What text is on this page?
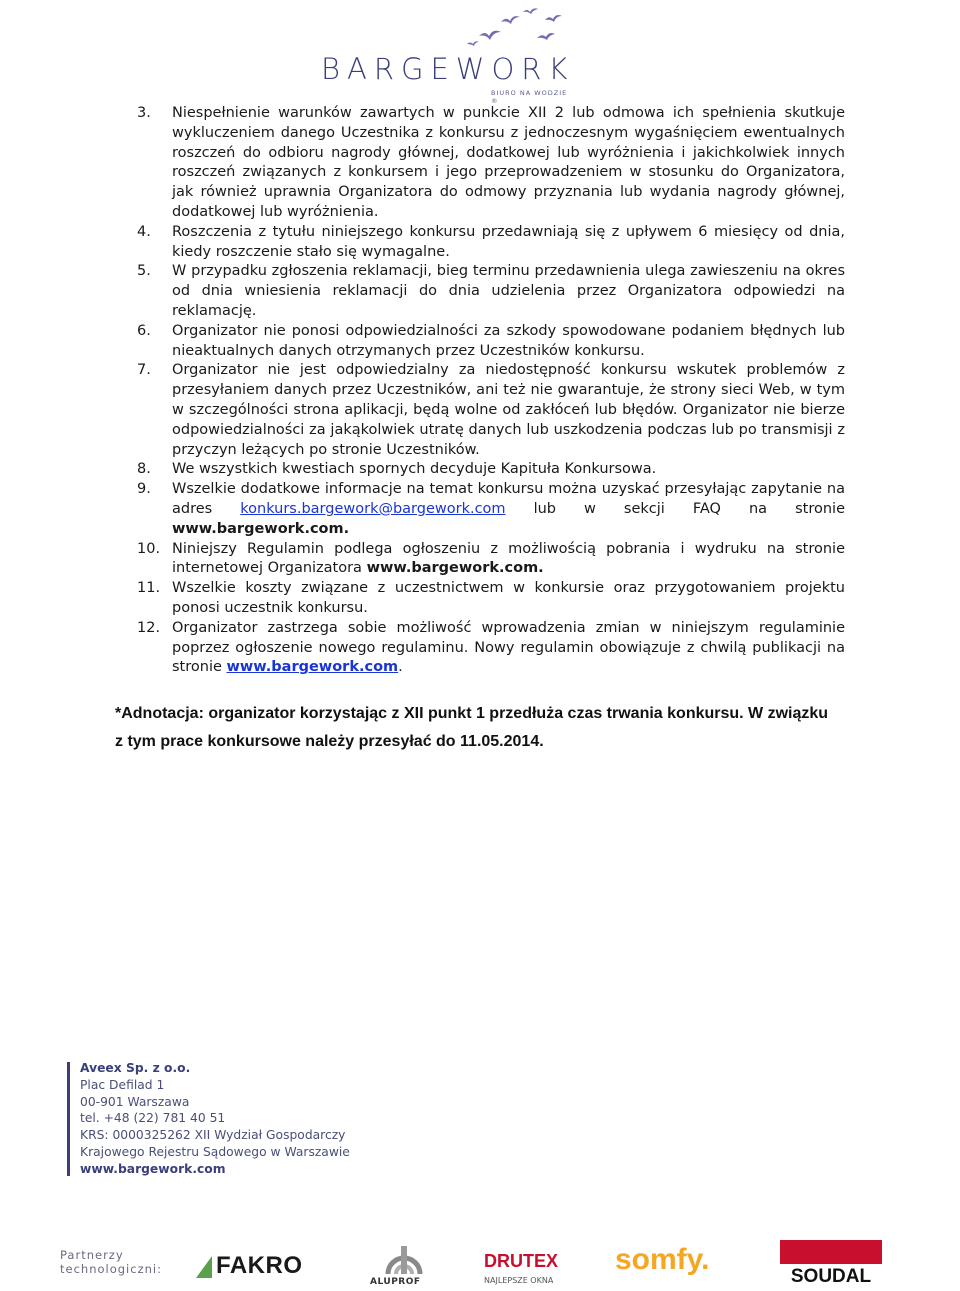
BARGEWORK
BIURO NA WODZIE ®
3. Niespełnienie warunków zawartych w punkcie XII 2 lub odmowa ich spełnienia skutkuje wykluczeniem danego Uczestnika z konkursu z jednoczesnym wygaśnięciem ewentualnych roszczeń do odbioru nagrody głównej, dodatkowej lub wyróżnienia i jakichkolwiek innych roszczeń związanych z konkursem i jego przeprowadzeniem w stosunku do Organizatora, jak również uprawnia Organizatora do odmowy przyznania lub wydania nagrody głównej, dodatkowej lub wyróżnienia.
4. Roszczenia z tytułu niniejszego konkursu przedawniają się z upływem 6 miesięcy od dnia, kiedy roszczenie stało się wymagalne.
5. W przypadku zgłoszenia reklamacji, bieg terminu przedawnienia ulega zawieszeniu na okres od dnia wniesienia reklamacji do dnia udzielenia przez Organizatora odpowiedzi na reklamację.
6. Organizator nie ponosi odpowiedzialności za szkody spowodowane podaniem błędnych lub nieaktualnych danych otrzymanych przez Uczestników konkursu.
7. Organizator nie jest odpowiedzialny za niedostępność konkursu wskutek problemów z przesyłaniem danych przez Uczestników, ani też nie gwarantuje, że strony sieci Web, w tym w szczególności strona aplikacji, będą wolne od zakłóceń lub błędów. Organizator nie bierze odpowiedzialności za jakąkolwiek utratę danych lub uszkodzenia podczas lub po transmisji z przyczyn leżących po stronie Uczestników.
8. We wszystkich kwestiach spornych decyduje Kapituła Konkursowa.
9. Wszelkie dodatkowe informacje na temat konkursu można uzyskać przesyłając zapytanie na adres konkurs.bargework@bargework.com lub w sekcji FAQ na stronie www.bargework.com.
10. Niniejszy Regulamin podlega ogłoszeniu z możliwością pobrania i wydruku na stronie internetowej Organizatora www.bargework.com.
11. Wszelkie koszty związane z uczestnictwem w konkursie oraz przygotowaniem projektu ponosi uczestnik konkursu.
12. Organizator zastrzega sobie możliwość wprowadzenia zmian w niniejszym regulaminie poprzez ogłoszenie nowego regulaminu. Nowy regulamin obowiązuje z chwilą publikacji na stronie www.bargework.com.
*Adnotacja: organizator korzystając z XII punkt 1 przedłuża czas trwania konkursu. W związku z tym prace konkursowe należy przesyłać do 11.05.2014.
Aveex Sp. z o.o.
Plac Defilad 1
00-901 Warszawa
tel. +48 (22) 781 40 51
KRS: 0000325262 XII Wydział Gospodarczy
Krajowego Rejestru Sądowego w Warszawie
www.bargework.com
Partnerzy
technologiczni: FAKRO
ALUPROF
DRUTEX
NAJLEPSZE OKNA
somfy.
SOUDAL
